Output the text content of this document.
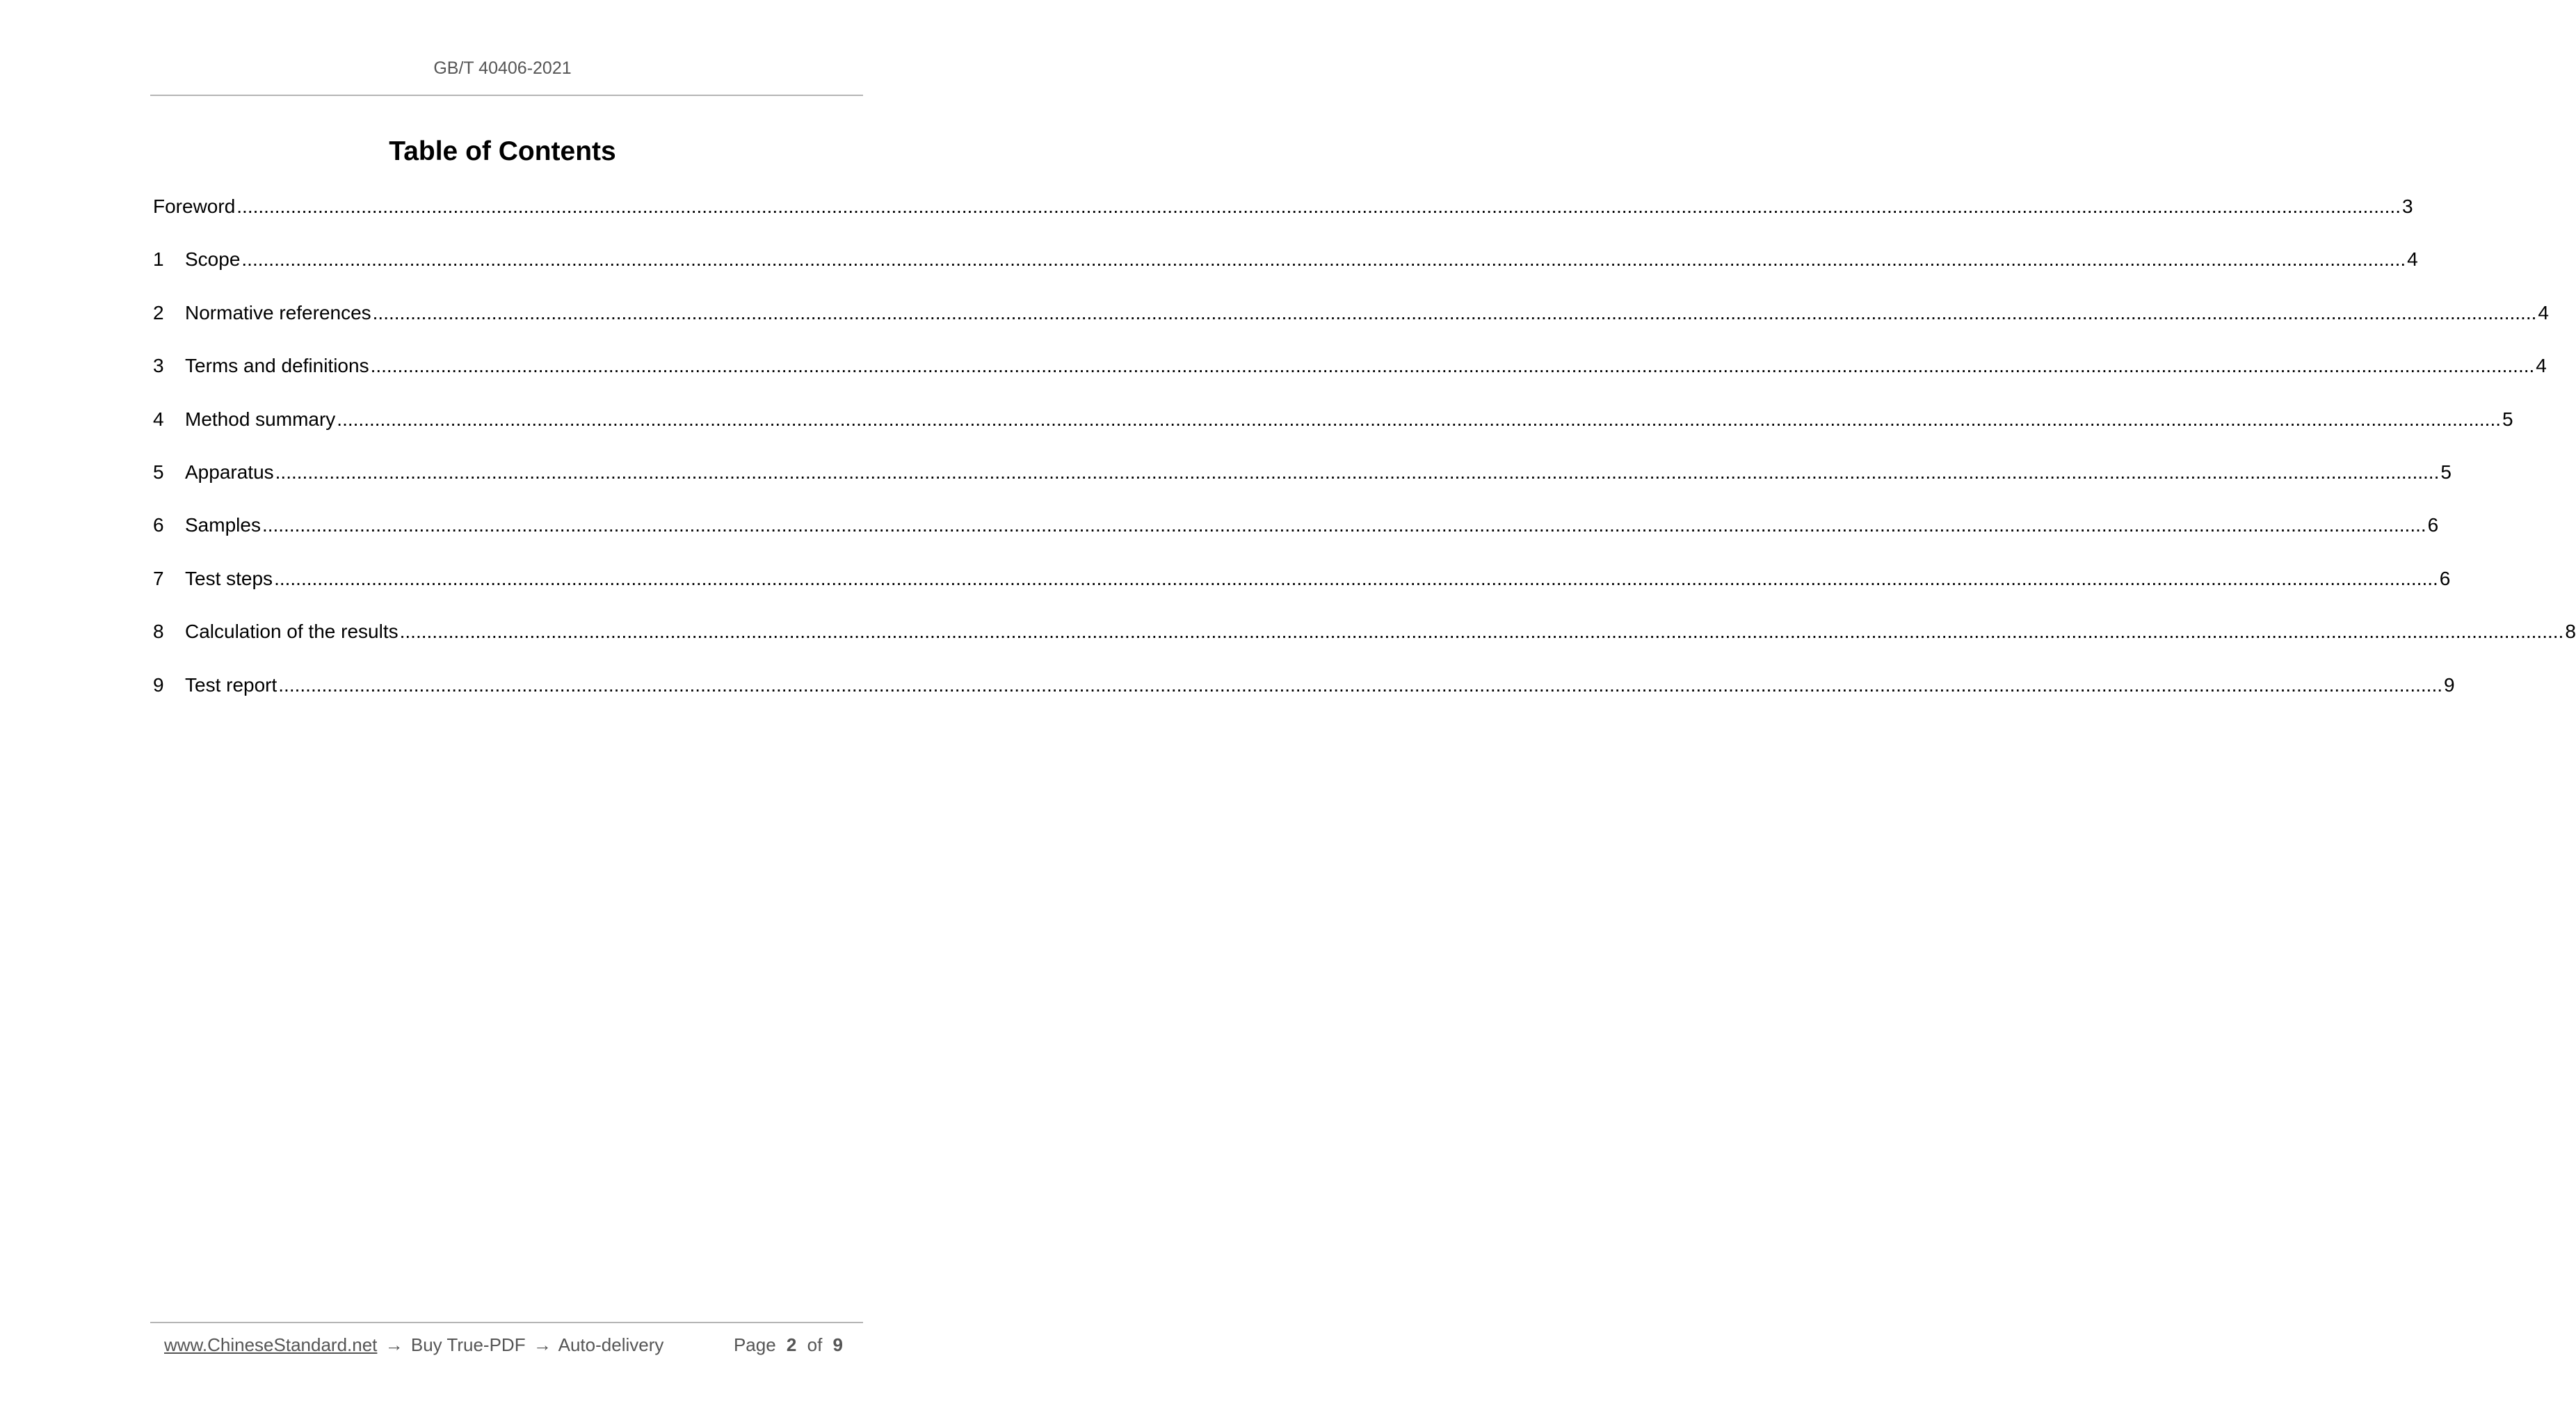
GB/T 40406-2021
Table of Contents
Foreword ................................................................................................................................................................................................................................................................................................................................................................................................................ 3
1	Scope ................................................................................................................................................................................................................................................................................................................................................................................................................ 4
2	Normative references ................................................................................................................................................................................................................................................................................................................................................................................................................ 4
3	Terms and definitions ................................................................................................................................................................................................................................................................................................................................................................................................................ 4
4	Method summary ................................................................................................................................................................................................................................................................................................................................................................................................................ 5
5	Apparatus ................................................................................................................................................................................................................................................................................................................................................................................................................ 5
6	Samples ................................................................................................................................................................................................................................................................................................................................................................................................................ 6
7	Test steps ................................................................................................................................................................................................................................................................................................................................................................................................................ 6
8	Calculation of the results ................................................................................................................................................................................................................................................................................................................................................................................................................ 8
9	Test report ................................................................................................................................................................................................................................................................................................................................................................................................................ 9
www.ChineseStandard.net → Buy True-PDF → Auto-delivery	Page 2 of 9
